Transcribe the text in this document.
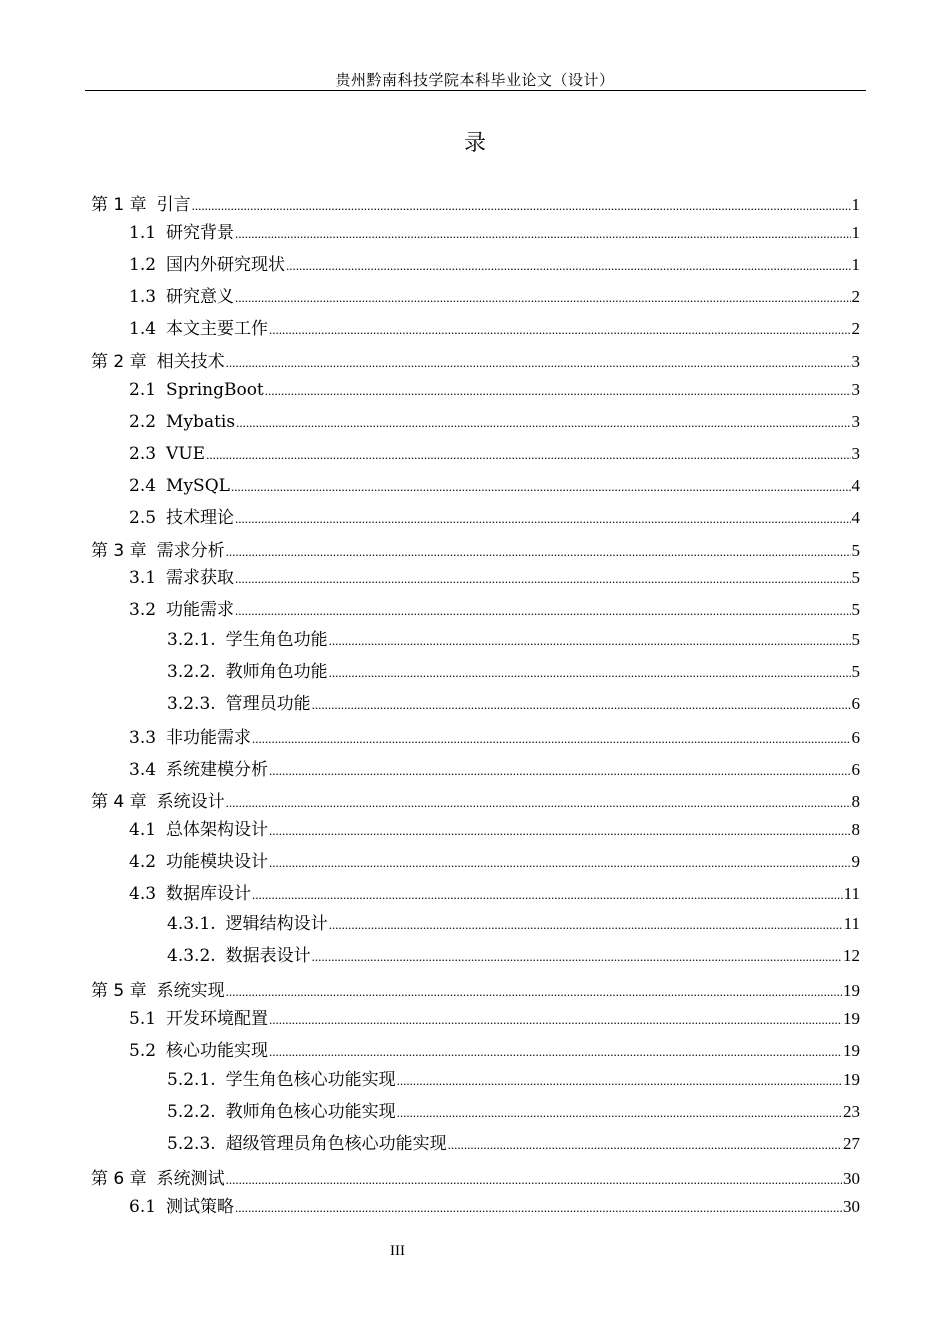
贵州黔南科技学院本科毕业论文（设计）
录
第 1 章 引言 .....	1
1.1 研究背景 .....	1
1.2 国内外研究现状 .....	1
1.3 研究意义 .....	2
1.4 本文主要工作 .....	2
第 2 章 相关技术 .....	3
2.1 SpringBoot .....	3
2.2 Mybatis .....	3
2.3 VUE .....	3
2.4 MySQL .....	4
2.5 技术理论 .....	4
第 3 章 需求分析 .....	5
3.1 需求获取 .....	5
3.2 功能需求 .....	5
3.2.1. 学生角色功能 .....	5
3.2.2. 教师角色功能 .....	5
3.2.3. 管理员功能 .....	6
3.3 非功能需求 .....	6
3.4 系统建模分析 .....	6
第 4 章 系统设计 .....	8
4.1 总体架构设计 .....	8
4.2 功能模块设计 .....	9
4.3 数据库设计 .....	11
4.3.1. 逻辑结构设计 .....	11
4.3.2. 数据表设计 .....	12
第 5 章 系统实现 .....	19
5.1 开发环境配置 .....	19
5.2 核心功能实现 .....	19
5.2.1. 学生角色核心功能实现 .....	19
5.2.2. 教师角色核心功能实现 .....	23
5.2.3. 超级管理员角色核心功能实现 .....	27
第 6 章 系统测试 .....	30
6.1 测试策略 .....	30
III
